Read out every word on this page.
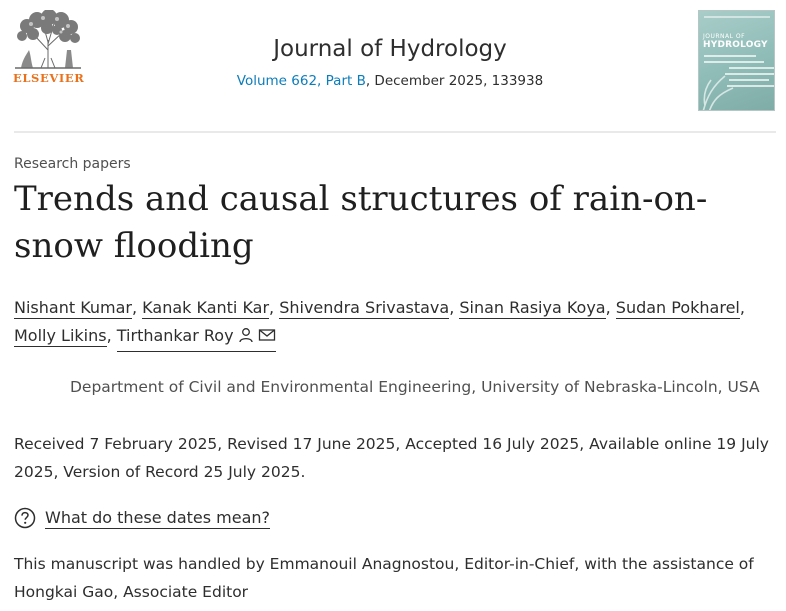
ELSEVIER
Journal of Hydrology
Volume 662, Part B, December 2025, 133938
JOURNAL OF
HYDROLOGY
Research papers
Trends and causal structures of rain-on-snow flooding
Nishant Kumar, Kanak Kanti Kar, Shivendra Srivastava, Sinan Rasiya Koya, Sudan Pokharel,
Molly Likins, Tirthankar Roy
Department of Civil and Environmental Engineering, University of Nebraska-Lincoln, USA
Received 7 February 2025, Revised 17 June 2025, Accepted 16 July 2025, Available online 19 July 2025, Version of Record 25 July 2025.
What do these dates mean?
This manuscript was handled by Emmanouil Anagnostou, Editor-in-Chief, with the assistance of Hongkai Gao, Associate Editor
